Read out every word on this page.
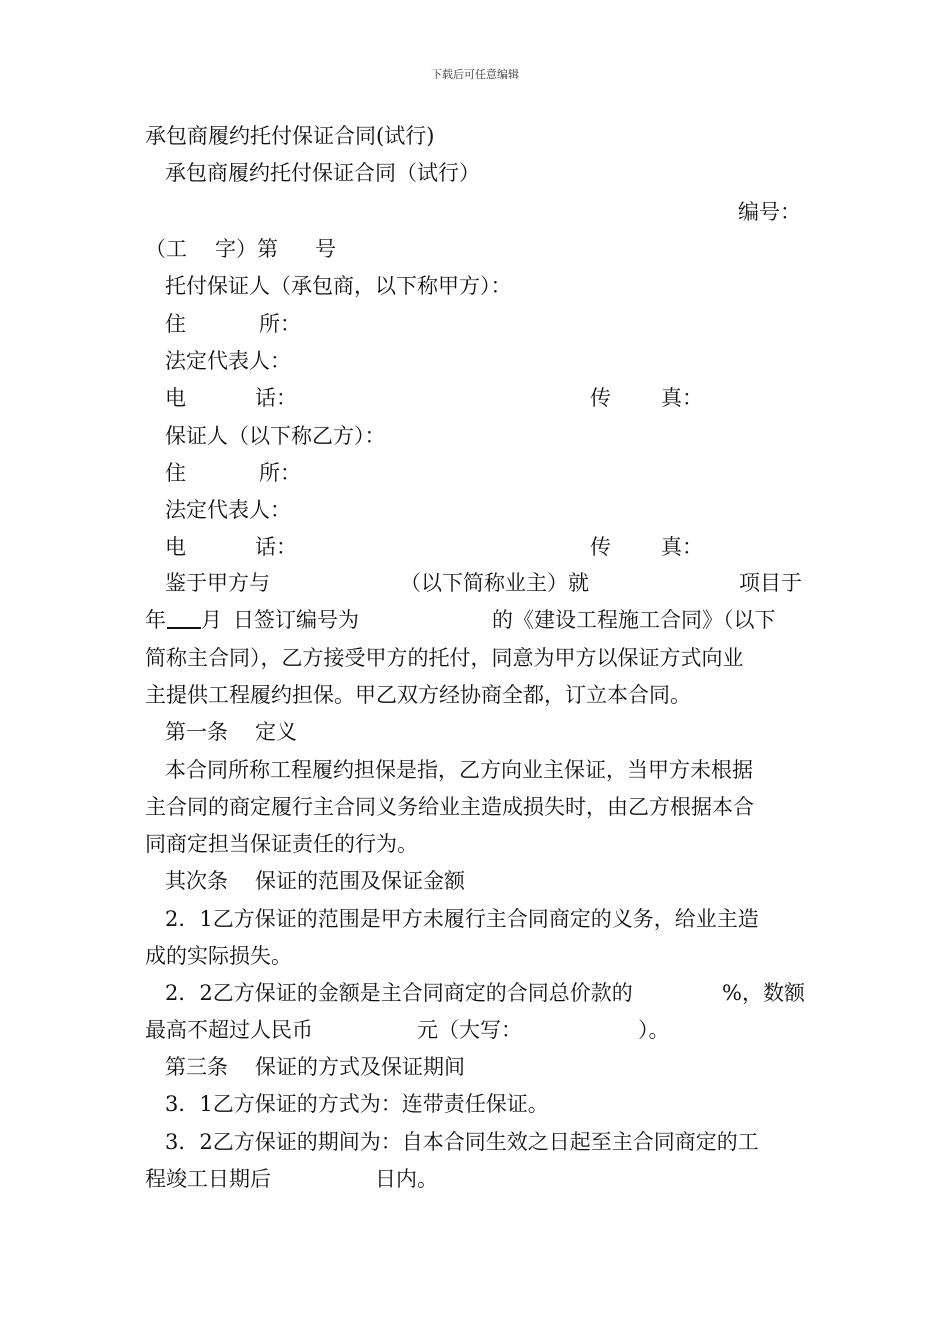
下载后可任意编辑
承包商履约托付保证合同(试行)
承包商履约托付保证合同（试行）
编号：
（工 字）第 号
托付保证人（承包商，以下称甲方）：
住	所：
法定代表人：
电	话：	传 真：
保证人（以下称乙方）：
住	所：
法定代表人：
电	话：	传 真：
鉴于甲方与	（以下简称业主）就	项目于
年 月 日签订编号为	的《建设工程施工合同》（以下
简称主合同），乙方接受甲方的托付，同意为甲方以保证方式向业
主提供工程履约担保。甲乙双方经协商全都，订立本合同。
第一条 定义
本合同所称工程履约担保是指，乙方向业主保证，当甲方未根据
主合同的商定履行主合同义务给业主造成损失时，由乙方根据本合
同商定担当保证责任的行为。
其次条 保证的范围及保证金额
2．1乙方保证的范围是甲方未履行主合同商定的义务，给业主造
成的实际损失。
2．2乙方保证的金额是主合同商定的合同总价款的	%，数额
最高不超过人民币	元（大写：	）。
第三条 保证的方式及保证期间
3．1乙方保证的方式为：连带责任保证。
3．2乙方保证的期间为：自本合同生效之日起至主合同商定的工
程竣工日期后	日内。
